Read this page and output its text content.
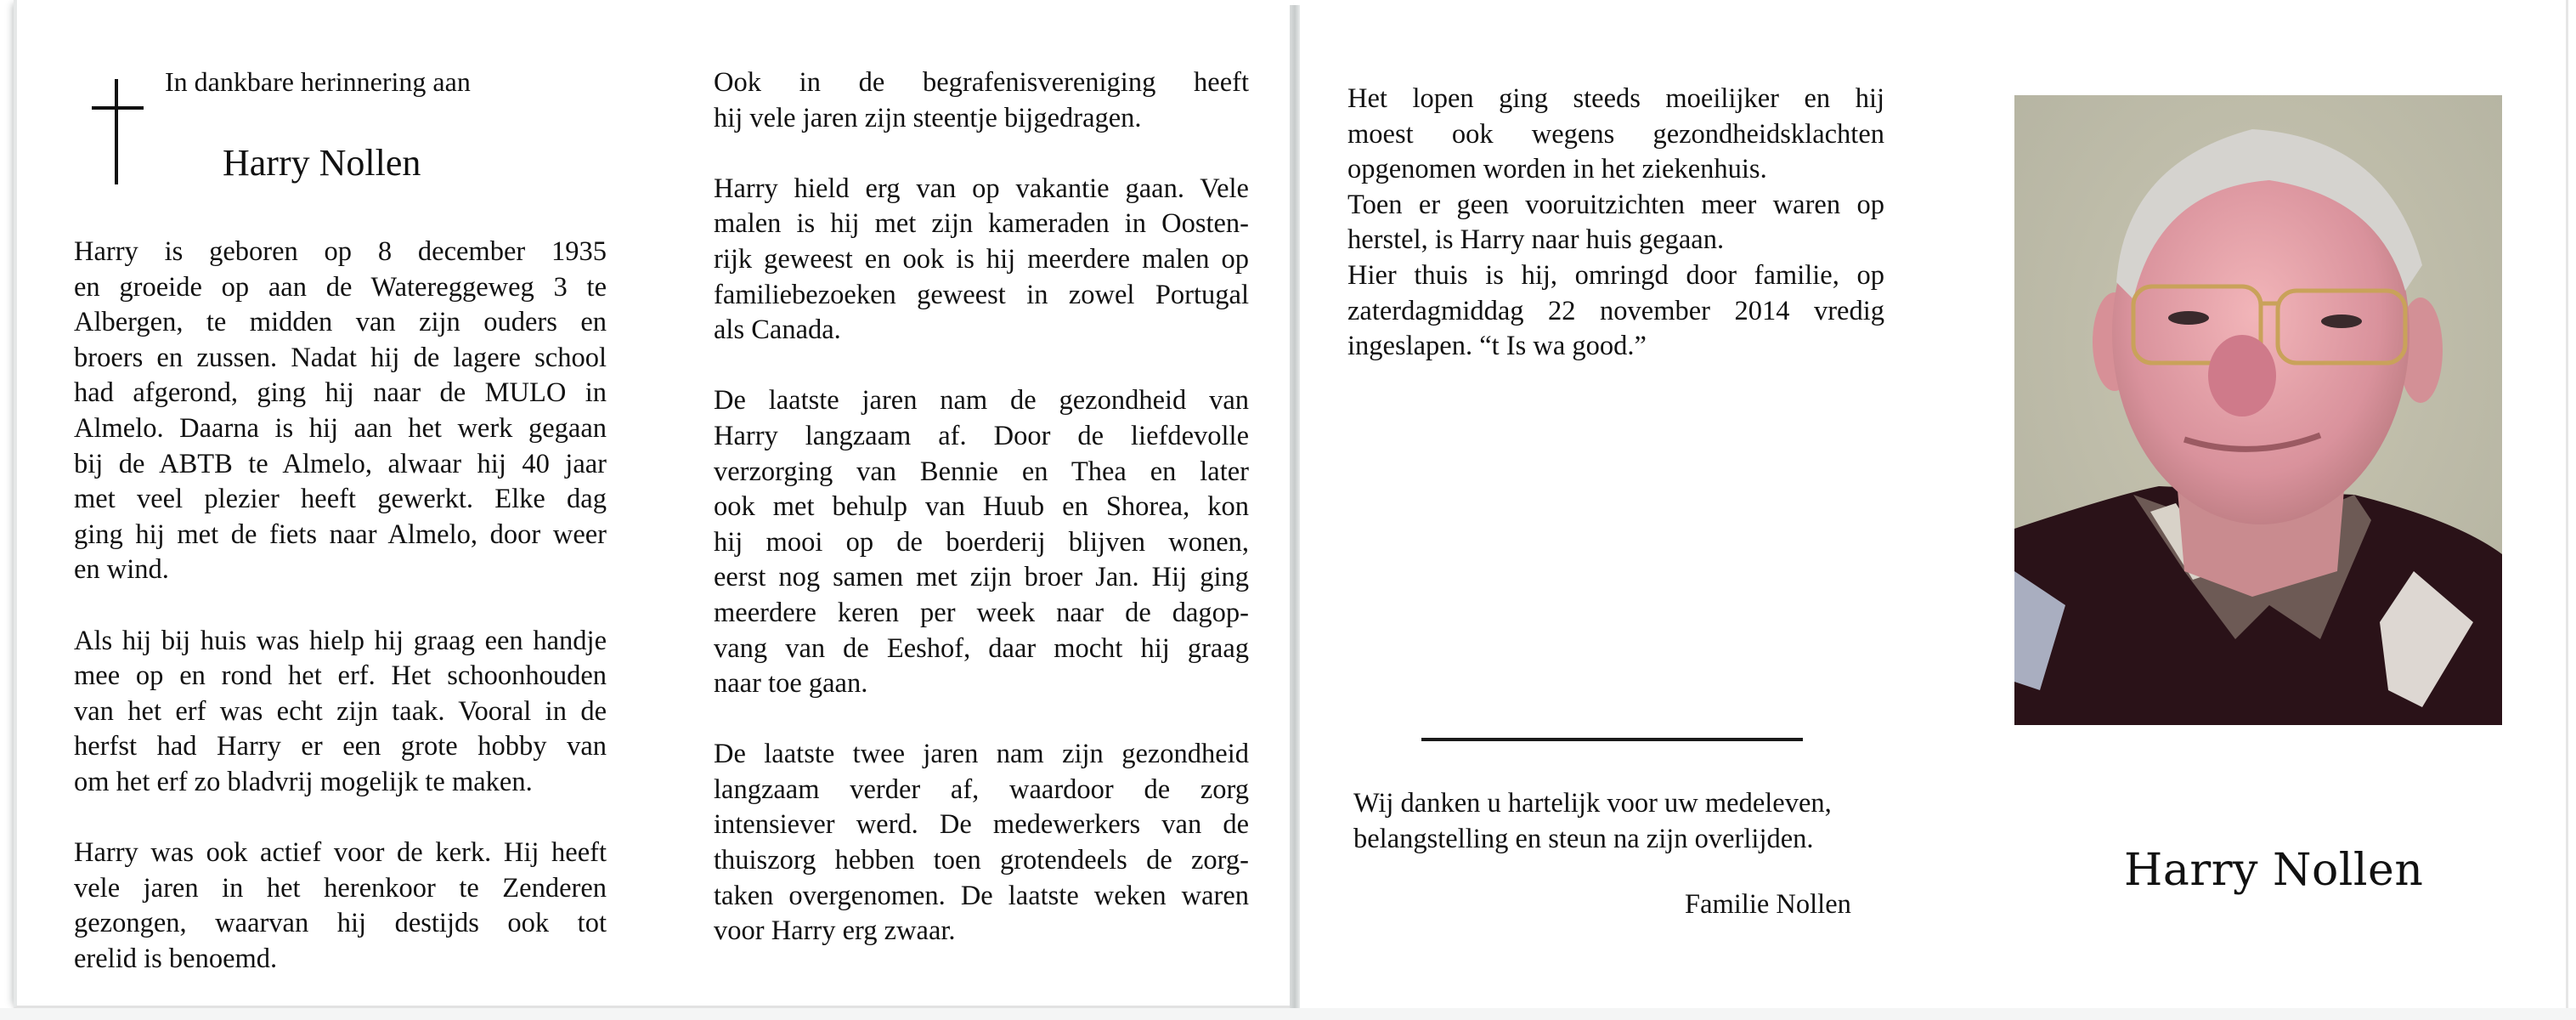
In dankbare herinnering aan
Harry Nollen
Harry is geboren op 8 december 1935
en groeide op aan de Watereggeweg 3 te
Albergen, te midden van zijn ouders en
broers en zussen. Nadat hij de lagere school
had afgerond, ging hij naar de MULO in
Almelo. Daarna is hij aan het werk gegaan
bij de ABTB te Almelo, alwaar hij 40 jaar
met veel plezier heeft gewerkt. Elke dag
ging hij met de fiets naar Almelo, door weer
en wind.
Als hij bij huis was hielp hij graag een handje
mee op en rond het erf. Het schoonhouden
van het erf was echt zijn taak. Vooral in de
herfst had Harry er een grote hobby van
om het erf zo bladvrij mogelijk te maken.
Harry was ook actief voor de kerk. Hij heeft
vele jaren in het herenkoor te Zenderen
gezongen, waarvan hij destijds ook tot
erelid is benoemd.
Ook in de begrafenisvereniging heeft
hij vele jaren zijn steentje bijgedragen.
Harry hield erg van op vakantie gaan. Vele
malen is hij met zijn kameraden in Oosten-
rijk geweest en ook is hij meerdere malen op
familiebezoeken geweest in zowel Portugal
als Canada.
De laatste jaren nam de gezondheid van
Harry langzaam af. Door de liefdevolle
verzorging van Bennie en Thea en later
ook met behulp van Huub en Shorea, kon
hij mooi op de boerderij blijven wonen,
eerst nog samen met zijn broer Jan. Hij ging
meerdere keren per week naar de dagop-
vang van de Eeshof, daar mocht hij graag
naar toe gaan.
De laatste twee jaren nam zijn gezondheid
langzaam verder af, waardoor de zorg
intensiever werd. De medewerkers van de
thuiszorg hebben toen grotendeels de zorg-
taken overgenomen. De laatste weken waren
voor Harry erg zwaar.
Het lopen ging steeds moeilijker en hij
moest ook wegens gezondheidsklachten
opgenomen worden in het ziekenhuis.
Toen er geen vooruitzichten meer waren op
herstel, is Harry naar huis gegaan.
Hier thuis is hij, omringd door familie, op
zaterdagmiddag 22 november 2014 vredig
ingeslapen. “t Is wa good.”
Wij danken u hartelijk voor uw medeleven,
belangstelling en steun na zijn overlijden.
Familie Nollen
Harry Nollen
